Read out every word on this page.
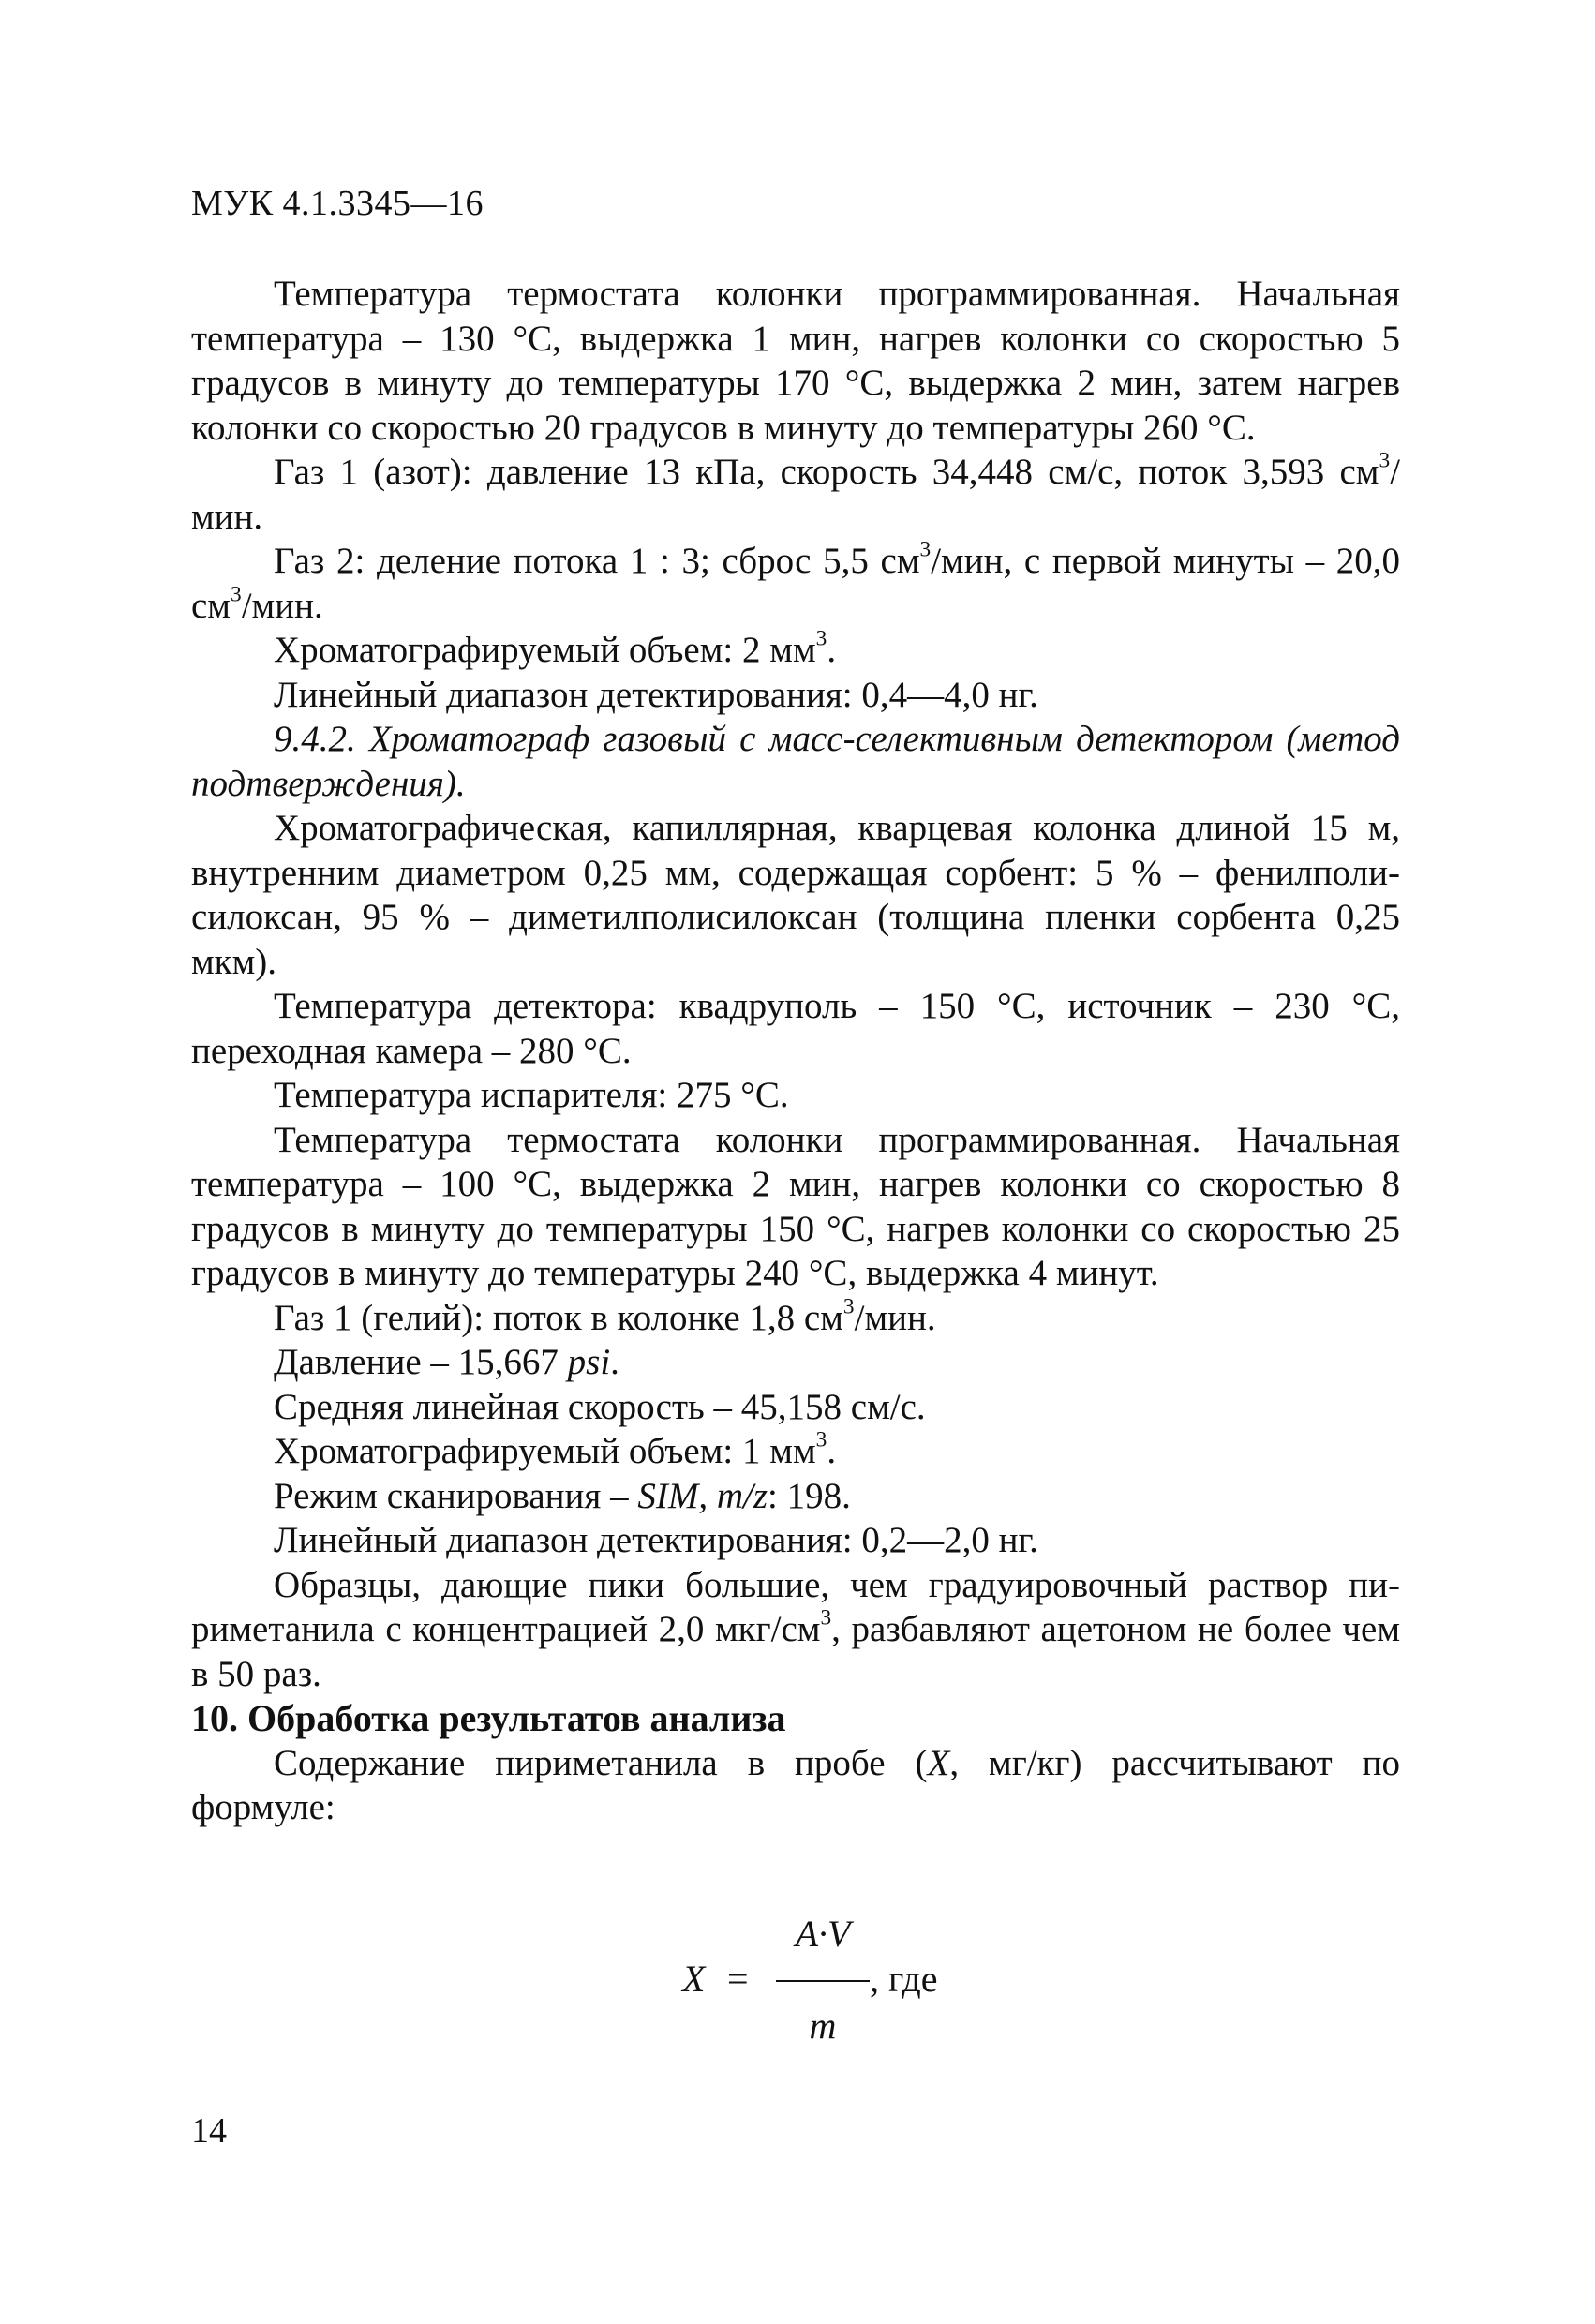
МУК 4.1.3345—16

Температура термостата колонки программированная. Начальная температура – 130 °С, выдержка 1 мин, нагрев колонки со скоростью 5 градусов в минуту до температуры 170 °С, выдержка 2 мин, затем нагрев колонки со скоростью 20 градусов в минуту до температуры 260 °С.

Газ 1 (азот): давление 13 кПа, скорость 34,448 см/с, поток 3,593 $см^3$/мин.

Газ 2: деление потока 1 : 3; сброс 5,5 $см^3$/мин, с первой минуты – 20,0 $см^3$/мин.

Хроматографируемый объем: 2 $мм^3$.

Линейный диапазон детектирования: 0,4—4,0 нг.

9.4.2. Хроматограф газовый с масс-селективным детектором (метод подтверждения).

Хроматографическая, капиллярная, кварцевая колонка длиной 15 м, внутренним диаметром 0,25 мм, содержащая сорбент: 5 % – фенилполисилоксан, 95 % – диметилполисилоксан (толщина пленки сорбента 0,25 мкм).

Температура детектора: квадруполь – 150 °С, источник – 230 °С, переходная камера – 280 °С.

Температура испарителя: 275 °С.

Температура термостата колонки программированная. Начальная температура – 100 °С, выдержка 2 мин, нагрев колонки со скоростью 8 градусов в минуту до температуры 150 °С, нагрев колонки со скоростью 25 градусов в минуту до температуры 240 °С, выдержка 4 минут.

Газ 1 (гелий): поток в колонке 1,8 $см^3$/мин.

Давление – 15,667 psi.

Средняя линейная скорость – 45,158 см/с.

Хроматографируемый объем: 1 $мм^3$.

Режим сканирования – SIM, m/z: 198.

Линейный диапазон детектирования: 0,2—2,0 нг.

Образцы, дающие пики большие, чем градуировочный раствор пириметанила с концентрацией 2,0 мкг/$см^3$, разбавляют ацетоном не более чем в 50 раз.

10. Обработка результатов анализа

Содержание пириметанила в пробе (X, мг/кг) рассчитывают по формуле:

X =
A·V
m
, где
14
